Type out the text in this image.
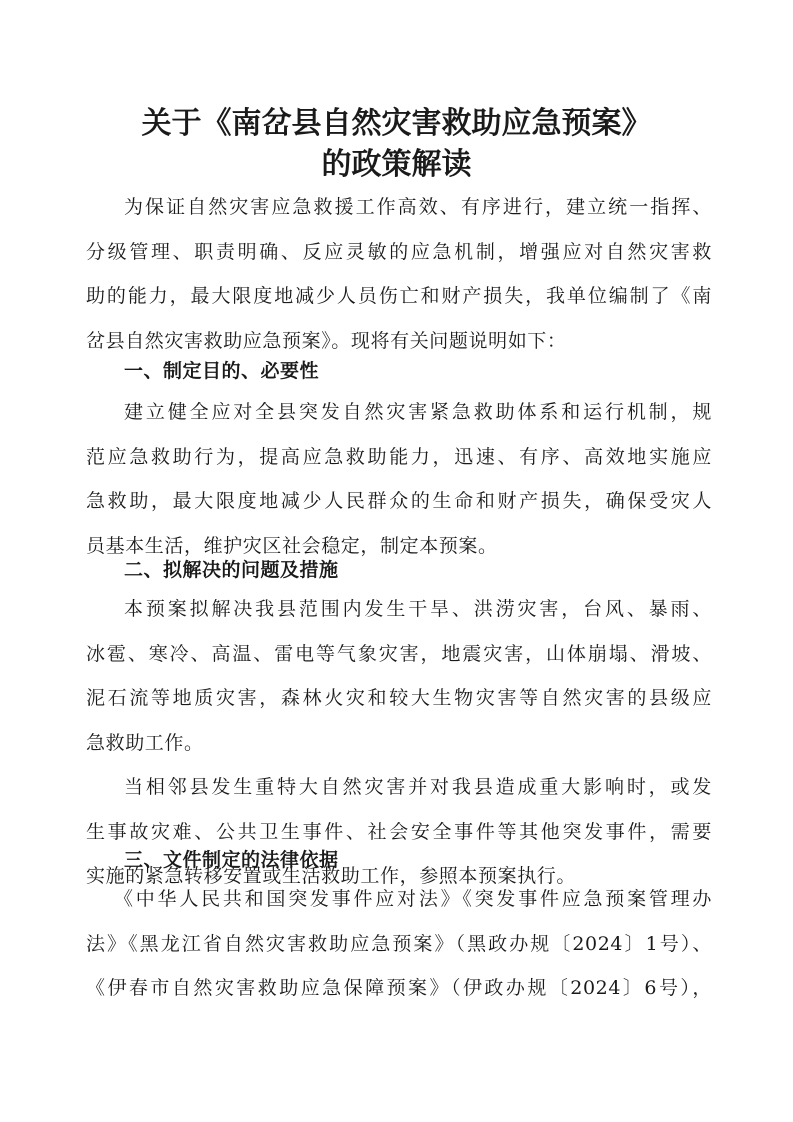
关于《南岔县自然灾害救助应急预案》
的政策解读
为保证自然灾害应急救援工作高效、有序进行，建立统一指挥、
分级管理、职责明确、反应灵敏的应急机制，增强应对自然灾害救
助的能力，最大限度地减少人员伤亡和财产损失，我单位编制了《南
岔县自然灾害救助应急预案》。现将有关问题说明如下：
一、制定目的、必要性
建立健全应对全县突发自然灾害紧急救助体系和运行机制，规
范应急救助行为，提高应急救助能力，迅速、有序、高效地实施应
急救助，最大限度地减少人民群众的生命和财产损失，确保受灾人
员基本生活，维护灾区社会稳定，制定本预案。
二、拟解决的问题及措施
本预案拟解决我县范围内发生干旱、洪涝灾害，台风、暴雨、
冰雹、寒冷、高温、雷电等气象灾害，地震灾害，山体崩塌、滑坡、
泥石流等地质灾害，森林火灾和较大生物灾害等自然灾害的县级应
急救助工作。
当相邻县发生重特大自然灾害并对我县造成重大影响时，或发
生事故灾难、公共卫生事件、社会安全事件等其他突发事件，需要
实施的紧急转移安置或生活救助工作，参照本预案执行。
三、文件制定的法律依据
《中华人民共和国突发事件应对法》《突发事件应急预案管理办
法》《黑龙江省自然灾害救助应急预案》（黑政办规〔2024〕1号）、
《伊春市自然灾害救助应急保障预案》（伊政办规〔2024〕6号），
